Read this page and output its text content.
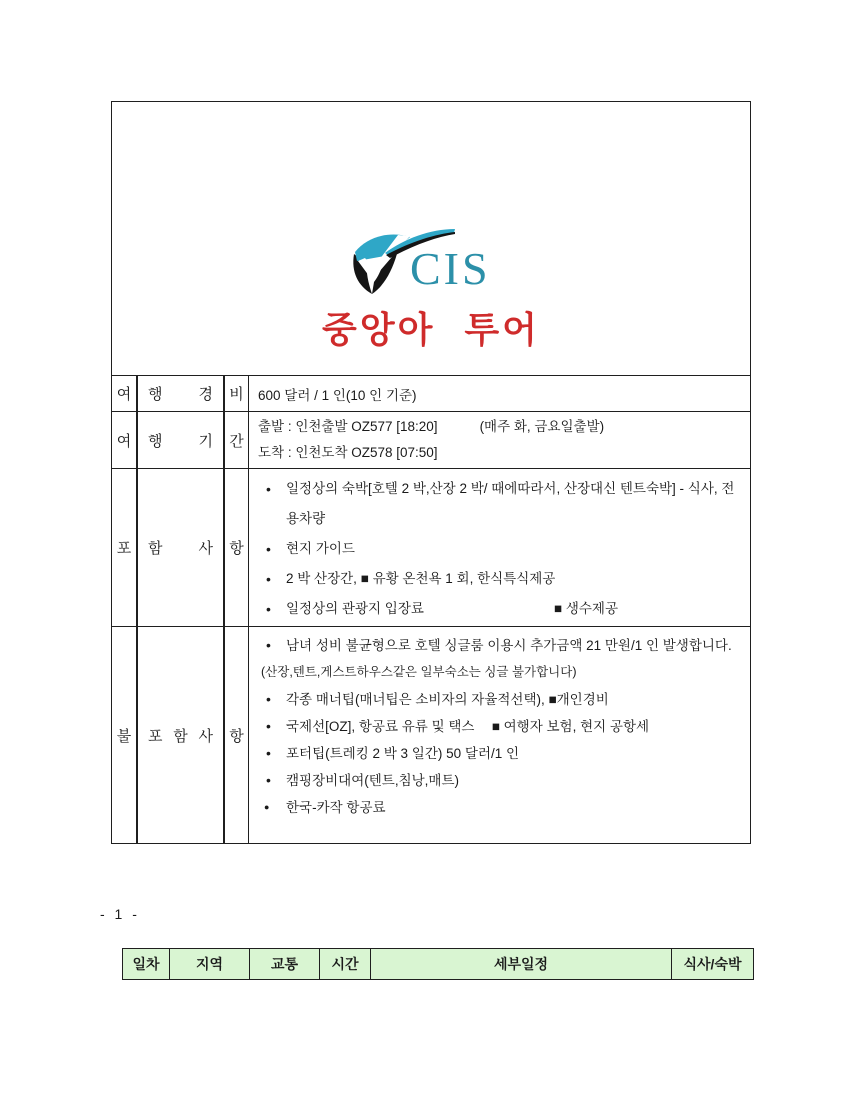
CIS
중앙아 투어
여 행 경 비 600 달러 / 1 인(10 인 기준)
여 행 기 간
출발 : 인천출발 OZ577 [18:20]	(매주 화, 금요일출발)
도착 : 인천도착 OZ578 [07:50]
포 함 사 항
• 일정상의 숙박[호텔 2 박,산장 2 박/ 때에따라서, 산장대신 텐트숙박] - 식사, 전용차량
• 현지 가이드
• 2 박 산장간, ■ 유황 온천욕 1 회, 한식특식제공
• 일정상의 관광지 입장료	■ 생수제공
불 포 함 사 항
• 남녀 성비 불균형으로 호텔 싱글룸 이용시 추가금액 21 만원/1 인 발생합니다.
(산장,텐트,게스트하우스같은 일부숙소는 싱글 불가합니다)
• 각종 매너팁(매너팁은 소비자의 자율적선택), ■개인경비
• 국제선[OZ], 항공료 유류 및 택스　 ■ 여행자 보험, 현지 공항세
• 포터팁(트레킹 2 박 3 일간) 50 달러/1 인
• 캠핑장비대여(텐트,침낭,매트)
● 한국-카작 항공료
- 1 -
일차	지역	교통	시간	세부일정	식사/숙박
